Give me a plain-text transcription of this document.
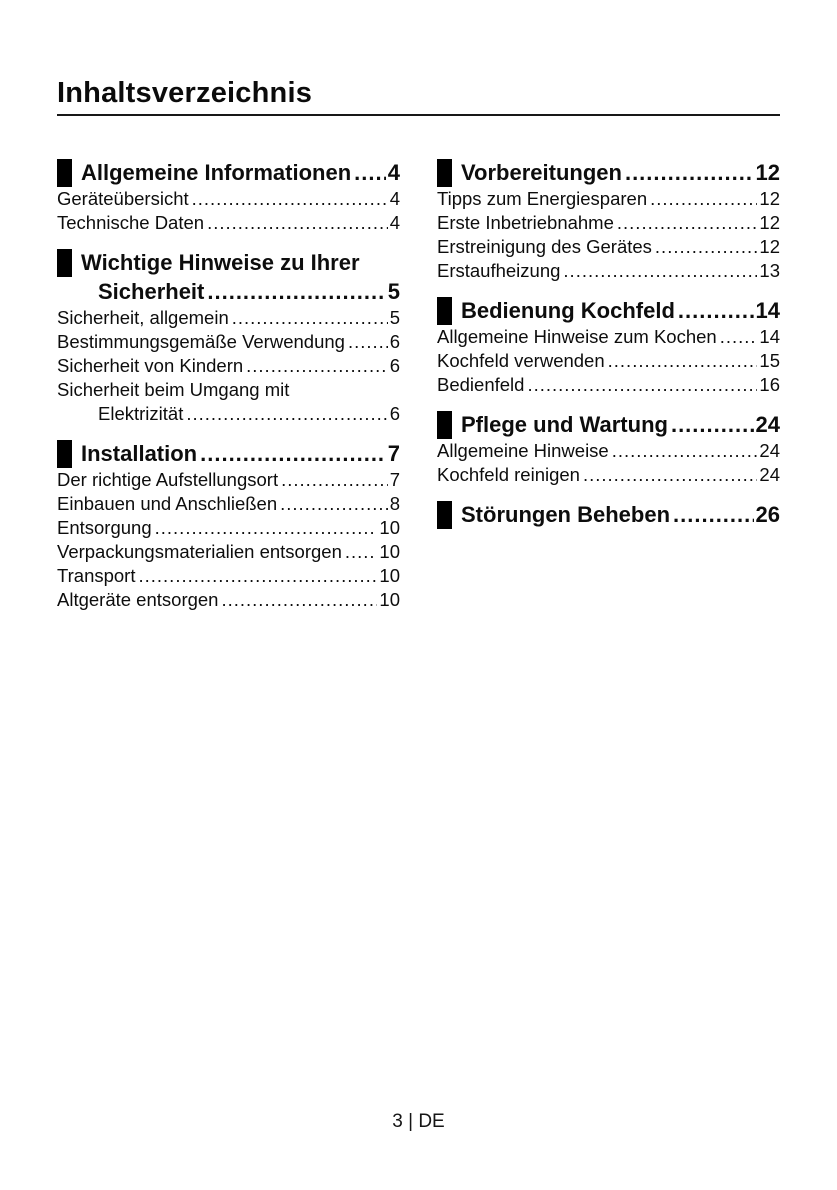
Inhaltsverzeichnis
Allgemeine Informationen ..... 4
Geräteübersicht .....	4
Technische Daten .....	4
Wichtige Hinweise zu Ihrer
Sicherheit .....	5
Sicherheit, allgemein .....	5
Bestimmungsgemäße Verwendung ..... 6
Sicherheit von Kindern .....	6
Sicherheit beim Umgang mit
Elektrizität .....	6
Installation .....	7
Der richtige Aufstellungsort .....	7
Einbauen und Anschließen .....	8
Entsorgung .....	10
Verpackungsmaterialien entsorgen ..... 10
Transport .....	10
Altgeräte entsorgen .....	10
Vorbereitungen .....	12
Tipps zum Energiesparen .....	12
Erste Inbetriebnahme .....	12
Erstreinigung des Gerätes .....	12
Erstaufheizung .....	13
Bedienung Kochfeld .....	14
Allgemeine Hinweise zum Kochen ..... 14
Kochfeld verwenden .....	15
Bedienfeld .....	16
Pflege und Wartung .....	24
Allgemeine Hinweise .....	24
Kochfeld reinigen .....	24
Störungen Beheben .....	26
3 | DE
